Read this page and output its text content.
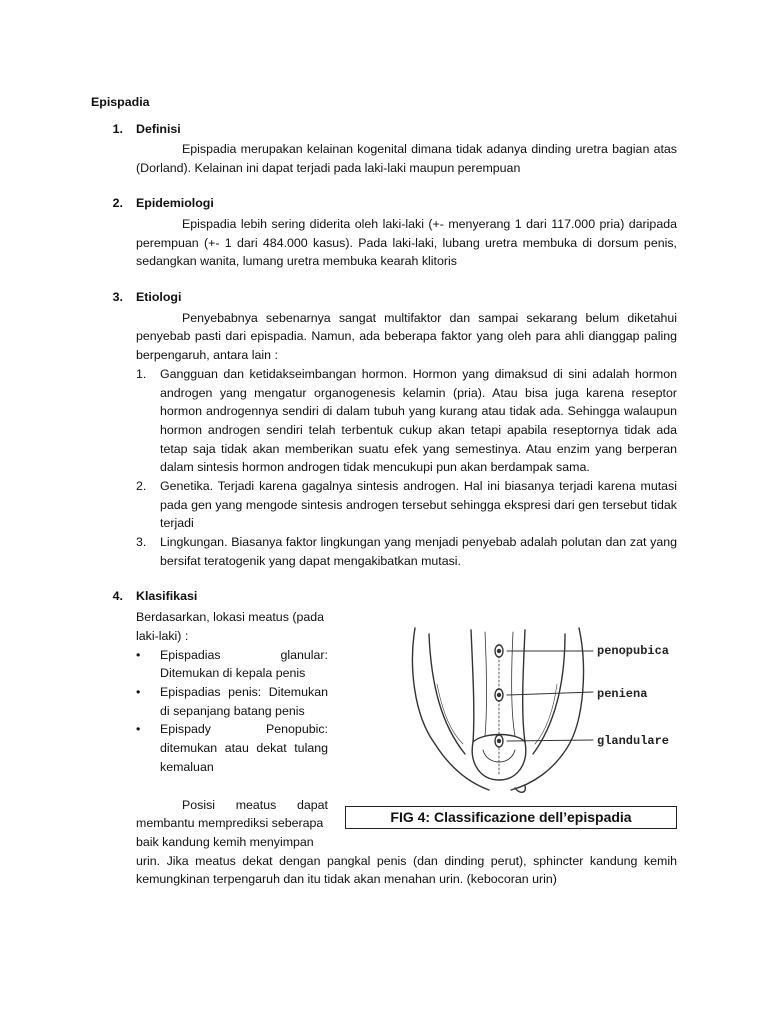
Epispadia
1. Definisi
Epispadia merupakan kelainan kogenital dimana tidak adanya dinding uretra bagian atas
(Dorland). Kelainan ini dapat terjadi pada laki-laki maupun perempuan
2. Epidemiologi
Epispadia lebih sering diderita oleh laki-laki (+- menyerang 1 dari 117.000 pria) daripada
perempuan (+- 1 dari 484.000 kasus). Pada laki-laki, lubang uretra membuka di dorsum penis,
sedangkan wanita, lumang uretra membuka kearah klitoris
3. Etiologi
Penyebabnya sebenarnya sangat multifaktor dan sampai sekarang belum diketahui
penyebab pasti dari epispadia. Namun, ada beberapa faktor yang oleh para ahli dianggap paling
berpengaruh, antara lain :
1. Gangguan dan ketidakseimbangan hormon. Hormon yang dimaksud di sini adalah hormon
androgen yang mengatur organogenesis kelamin (pria). Atau bisa juga karena reseptor
hormon androgennya sendiri di dalam tubuh yang kurang atau tidak ada. Sehingga walaupun
hormon androgen sendiri telah terbentuk cukup akan tetapi apabila reseptornya tidak ada
tetap saja tidak akan memberikan suatu efek yang semestinya. Atau enzim yang berperan
dalam sintesis hormon androgen tidak mencukupi pun akan berdampak sama.
2. Genetika. Terjadi karena gagalnya sintesis androgen. Hal ini biasanya terjadi karena mutasi
pada gen yang mengode sintesis androgen tersebut sehingga ekspresi dari gen tersebut tidak
terjadi
3. Lingkungan. Biasanya faktor lingkungan yang menjadi penyebab adalah polutan dan zat yang
bersifat teratogenik yang dapat mengakibatkan mutasi.
4. Klasifikasi
Berdasarkan, lokasi meatus (pada
laki-laki) :
• Epispadias glanular:
Ditemukan di kepala penis
• Epispadias penis: Ditemukan
di sepanjang batang penis
• Epispady Penopubic:
ditemukan atau dekat tulang
kemaluan
Posisi meatus dapat
membantu memprediksi seberapa
baik kandung kemih menyimpan
urin. Jika meatus dekat dengan pangkal penis (dan dinding perut), sphincter kandung kemih
kemungkinan terpengaruh dan itu tidak akan menahan urin. (kebocoran urin)
penopubica
peniena
glandulare
FIG 4: Classificazione dell’epispadia
